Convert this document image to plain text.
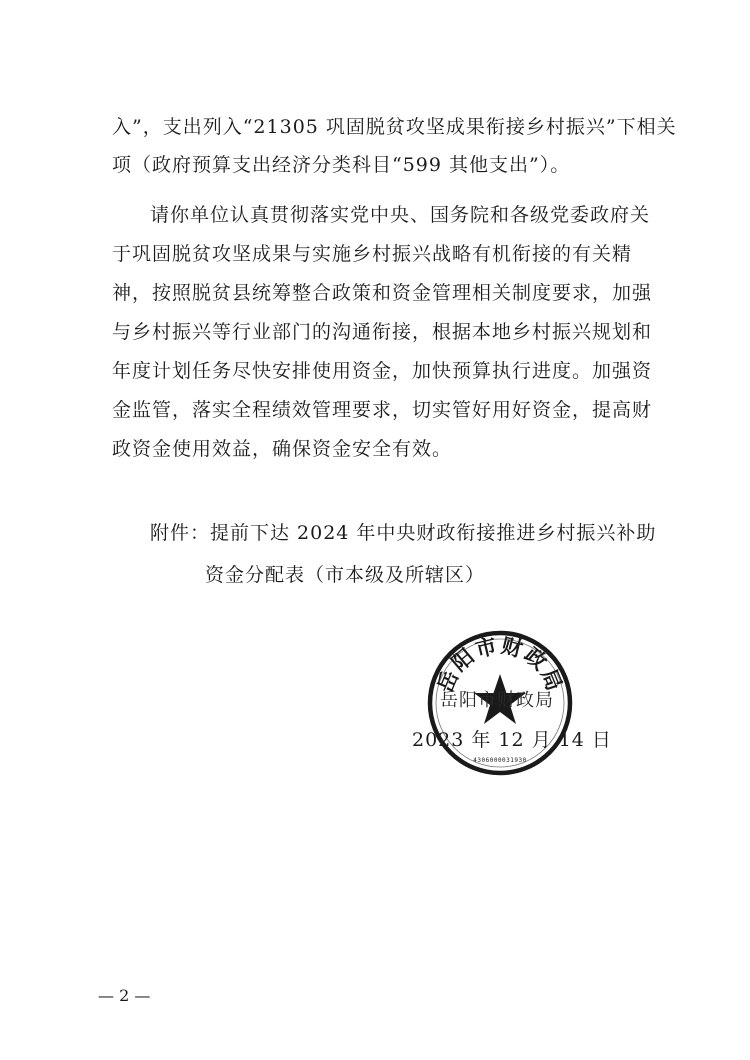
入”，支出列入“21305 巩固脱贫攻坚成果衔接乡村振兴”下相关
项（政府预算支出经济分类科目“599 其他支出”）。
请你单位认真贯彻落实党中央、国务院和各级党委政府关
于巩固脱贫攻坚成果与实施乡村振兴战略有机衔接的有关精
神，按照脱贫县统筹整合政策和资金管理相关制度要求，加强
与乡村振兴等行业部门的沟通衔接，根据本地乡村振兴规划和
年度计划任务尽快安排使用资金，加快预算执行进度。加强资
金监管，落实全程绩效管理要求，切实管好用好资金，提高财
政资金使用效益，确保资金安全有效。
附件：提前下达 2024 年中央财政衔接推进乡村振兴补助
资金分配表（市本级及所辖区）
岳阳市财政局
4306000031930
岳阳市财政局
2023 年 12 月 14 日
— 2 —
